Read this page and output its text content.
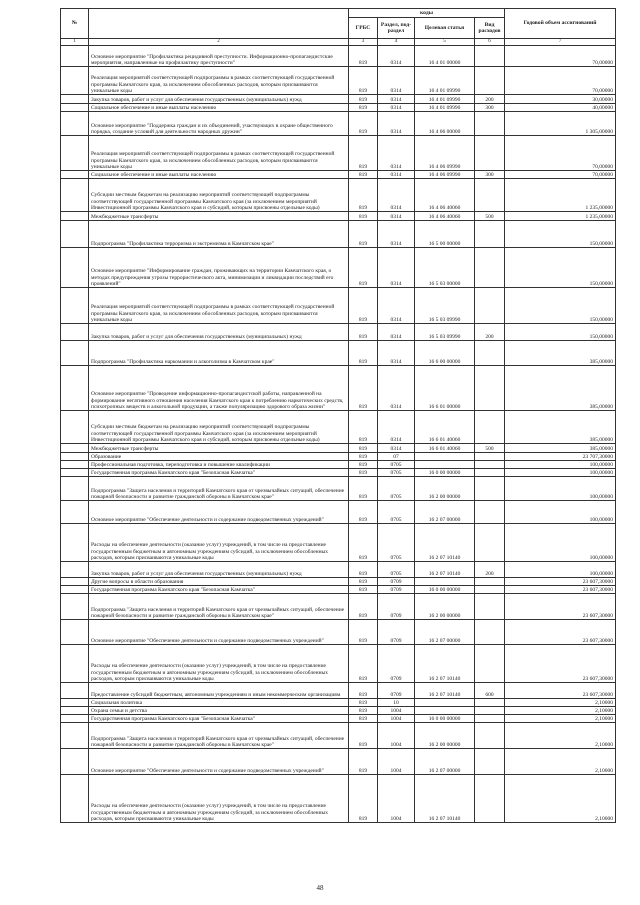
№		коды				Годовой объем ассигнований
		ГРБС	Раздел, под-раздел	Целевая статья	Вид расходов	
1	2	3	4	5	6	7
	Основное мероприятие "Профилактика рецидивной преступности. Информационно-пропагандистские мероприятия, направленные на профилактику преступности"	819	0314	16 4 01 00000		70,00000
	Реализация мероприятий соответствующей подпрограммы в рамках соответствующей государственной программы Камчатского края, за исключением обособленных расходов, которым присваиваются уникальные коды	819	0314	16 4 01 09990		70,00000
	Закупка товаров, работ и услуг для обеспечения государственных (муниципальных) нужд	819	0314	16 4 01 09990	200	30,00000
	Социальное обеспечение и иные выплаты населению	819	0314	16 4 01 09990	300	40,00000
	Основное мероприятие "Поддержка граждан и их объединений, участвующих в охране общественного порядка, создание условий для деятельности народных дружин"	819	0314	16 4 06 00000		1 305,00000
	Реализация мероприятий соответствующей подпрограммы в рамках соответствующей государственной программы Камчатского края, за исключением обособленных расходов, которым присваиваются уникальные коды	819	0314	16 4 06 09990		70,00000
	Социальное обеспечение и иные выплаты населению	819	0314	16 4 06 09990	300	70,00000
	Субсидии местным бюджетам на реализацию мероприятий соответствующей подпрограммы соответствующей государственной программы Камчатского края (за исключением мероприятий Инвестиционной программы Камчатского края и субсидий, которым присвоены отдельные коды)	819	0314	16 4 06 40060		1 235,00000
	Межбюджетные трансферты	819	0314	16 4 06 40060	500	1 235,00000
	Подпрограмма "Профилактика терроризма и экстремизма в Камчатском крае"	819	0314	16 5 00 00000		150,00000
	Основное мероприятие "Информирование граждан, проживающих на территории Камчатского края, о методах предупреждения угрозы террористического акта, минимизации и ликвидации последствий его проявлений"	819	0314	16 5 03 00000		150,00000
	Реализация мероприятий соответствующей подпрограммы в рамках соответствующей государственной программы Камчатского края, за исключением обособленных расходов, которым присваиваются уникальные коды	819	0314	16 5 03 09990		150,00000
	Закупка товаров, работ и услуг для обеспечения государственных (муниципальных) нужд	819	0314	16 5 03 09990	200	150,00000
	Подпрограмма "Профилактика наркомании и алкоголизма в Камчатском крае"	819	0314	16 6 00 00000		385,00000
	Основное мероприятие "Проведение информационно-пропагандистской работы, направленной на формирование негативного отношения населения Камчатского края к потреблению наркотических средств, психотропных веществ и алкогольной продукции, а также популяризацию здорового образа жизни"	819	0314	16 6 01 00000		385,00000
	Субсидии местным бюджетам на реализацию мероприятий соответствующей подпрограммы соответствующей государственной программы Камчатского края (за исключением мероприятий Инвестиционной программы Камчатского края и субсидий, которым присвоены отдельные коды)	819	0314	16 6 01 40060		385,00000
	Межбюджетные трансферты	819	0314	16 6 01 40060	500	385,00000
	Образование	819	07			23 707,30000
	Профессиональная подготовка, переподготовка и повышение квалификации	819	0705			100,00000
	Государственная программа Камчатского края "Безопасная Камчатка"	819	0705	16 0 00 00000		100,00000
	Подпрограмма "Защита населения и территорий Камчатского края от чрезвычайных ситуаций, обеспечение пожарной безопасности и развитие гражданской обороны в Камчатском крае"	819	0705	16 2 00 00000		100,00000
	Основное мероприятие "Обеспечение деятельности и содержание подведомственных учреждений"	819	0705	16 2 07 00000		100,00000
	Расходы на обеспечение деятельности (оказание услуг) учреждений, в том числе на предоставление государственным бюджетным и автономным учреждениям субсидий, за исключением обособленных расходов, которым присваиваются уникальные коды	819	0705	16 2 07 10140		100,00000
	Закупка товаров, работ и услуг для обеспечения государственных (муниципальных) нужд	819	0705	16 2 07 10140	200	100,00000
	Другие вопросы в области образования	819	0709			23 607,30000
	Государственная программа Камчатского края "Безопасная Камчатка"	819	0709	16 0 00 00000		23 607,30000
	Подпрограмма "Защита населения и территорий Камчатского края от чрезвычайных ситуаций, обеспечение пожарной безопасности и развитие гражданской обороны в Камчатском крае"	819	0709	16 2 00 00000		23 607,30000
	Основное мероприятие "Обеспечение деятельности и содержание подведомственных учреждений"	819	0709	16 2 07 00000		23 607,30000
	Расходы на обеспечение деятельности (оказание услуг) учреждений, в том числе на предоставление государственным бюджетным и автономным учреждениям субсидий, за исключением обособленных расходов, которым присваиваются уникальные коды	819	0709	16 2 07 10140		23 607,30000
	Предоставление субсидий бюджетным, автономным учреждениям и иным некоммерческим организациям	819	0709	16 2 07 10140	600	23 607,30000
	Социальная политика	819	10			2,10000
	Охрана семьи и детства	819	1004			2,10000
	Государственная программа Камчатского края "Безопасная Камчатка"	819	1004	16 0 00 00000		2,10000
	Подпрограмма "Защита населения и территорий Камчатского края от чрезвычайных ситуаций, обеспечение пожарной безопасности и развитие гражданской обороны в Камчатском крае"	819	1004	16 2 00 00000		2,10000
	Основное мероприятие "Обеспечение деятельности и содержание подведомственных учреждений"	819	1004	16 2 07 00000		2,10000
	Расходы на обеспечение деятельности (оказание услуг) учреждений, в том числе на предоставление государственным бюджетным и автономным учреждениям субсидий, за исключением обособленных расходов, которым присваиваются уникальные коды	819	1004	16 2 07 10140		2,10000
48
